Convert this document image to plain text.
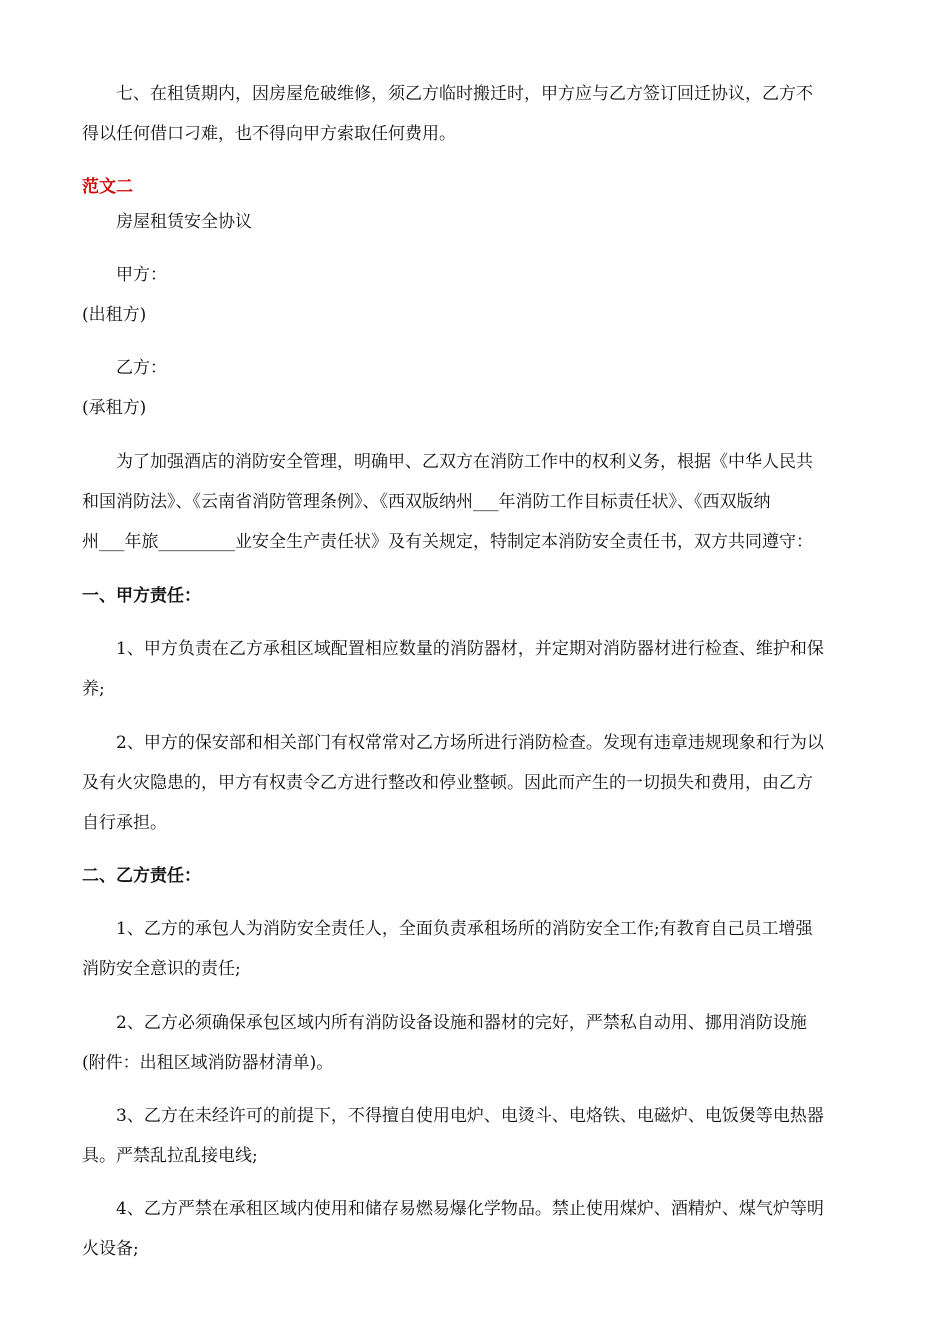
七、在租赁期内，因房屋危破维修，须乙方临时搬迁时，甲方应与乙方签订回迁协议，乙方不
得以任何借口刁难，也不得向甲方索取任何费用。
范文二
房屋租赁安全协议
甲方：
(出租方)
乙方：
(承租方)
为了加强酒店的消防安全管理，明确甲、乙双方在消防工作中的权利义务，根据《中华人民共
和国消防法》、《云南省消防管理条例》、《西双版纳州___年消防工作目标责任状》、《西双版纳
州___年旅_________业安全生产责任状》及有关规定，特制定本消防安全责任书，双方共同遵守：
一、甲方责任：
1、甲方负责在乙方承租区域配置相应数量的消防器材，并定期对消防器材进行检查、维护和保
养;
2、甲方的保安部和相关部门有权常常对乙方场所进行消防检查。发现有违章违规现象和行为以
及有火灾隐患的，甲方有权责令乙方进行整改和停业整顿。因此而产生的一切损失和费用，由乙方
自行承担。
二、乙方责任：
1、乙方的承包人为消防安全责任人，全面负责承租场所的消防安全工作;有教育自己员工增强
消防安全意识的责任;
2、乙方必须确保承包区域内所有消防设备设施和器材的完好，严禁私自动用、挪用消防设施
(附件：出租区域消防器材清单)。
3、乙方在未经许可的前提下，不得擅自使用电炉、电烫斗、电烙铁、电磁炉、电饭煲等电热器
具。严禁乱拉乱接电线;
4、乙方严禁在承租区域内使用和储存易燃易爆化学物品。禁止使用煤炉、酒精炉、煤气炉等明
火设备;
